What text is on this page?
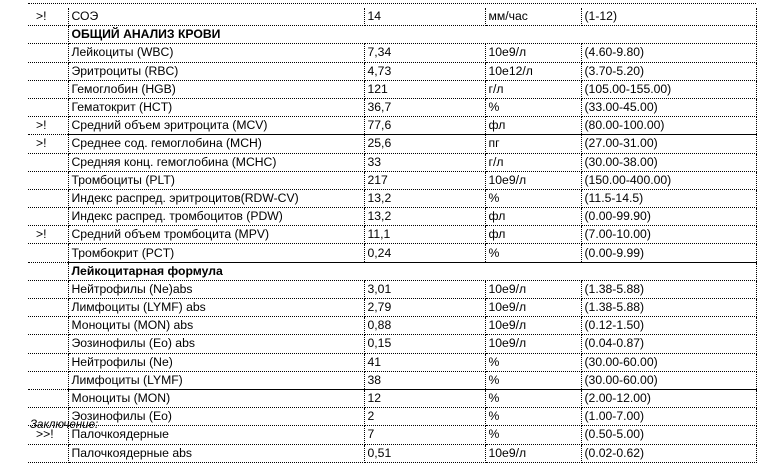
>!	СОЭ	14	мм/час	(1-12)
	ОБЩИЙ АНАЛИЗ КРОВИ			
	Лейкоциты (WBC)	7,34	10e9/л	(4.60-9.80)
	Эритроциты (RBC)	4,73	10e12/л	(3.70-5.20)
	Гемоглобин (HGB)	121	г/л	(105.00-155.00)
	Гематокрит (HCT)	36,7	%	(33.00-45.00)
>!	Средний объем эритроцита (MCV)	77,6	фл	(80.00-100.00)
>!	Среднее сод. гемоглобина (MCH)	25,6	пг	(27.00-31.00)
	Средняя конц. гемоглобина (MCHC)	33	г/л	(30.00-38.00)
	Тромбоциты (PLT)	217	10e9/л	(150.00-400.00)
	Индекс распред. эритроцитов(RDW-CV)	13,2	%	(11.5-14.5)
	Индекс распред. тромбоцитов (PDW)	13,2	фл	(0.00-99.90)
>!	Средний объем тромбоцита (MPV)	11,1	фл	(7.00-10.00)
	Тромбокрит (PCT)	0,24	%	(0.00-9.99)
	Лейкоцитарная формула			
	Нейтрофилы (Ne)abs	3,01	10e9/л	(1.38-5.88)
	Лимфоциты (LYMF) abs	2,79	10e9/л	(1.38-5.88)
	Моноциты (MON) abs	0,88	10e9/л	(0.12-1.50)
	Эозинофилы (Eo) abs	0,15	10e9/л	(0.04-0.87)
	Нейтрофилы (Ne)	41	%	(30.00-60.00)
	Лимфоциты (LYMF)	38	%	(30.00-60.00)
	Моноциты (MON)	12	%	(2.00-12.00)
	Эозинофилы (Eo)	2	%	(1.00-7.00)
>>!	Палочкоядерные	7	%	(0.50-5.00)
	Палочкоядерные abs	0,51	10e9/л	(0.02-0.62)
Заключение:
